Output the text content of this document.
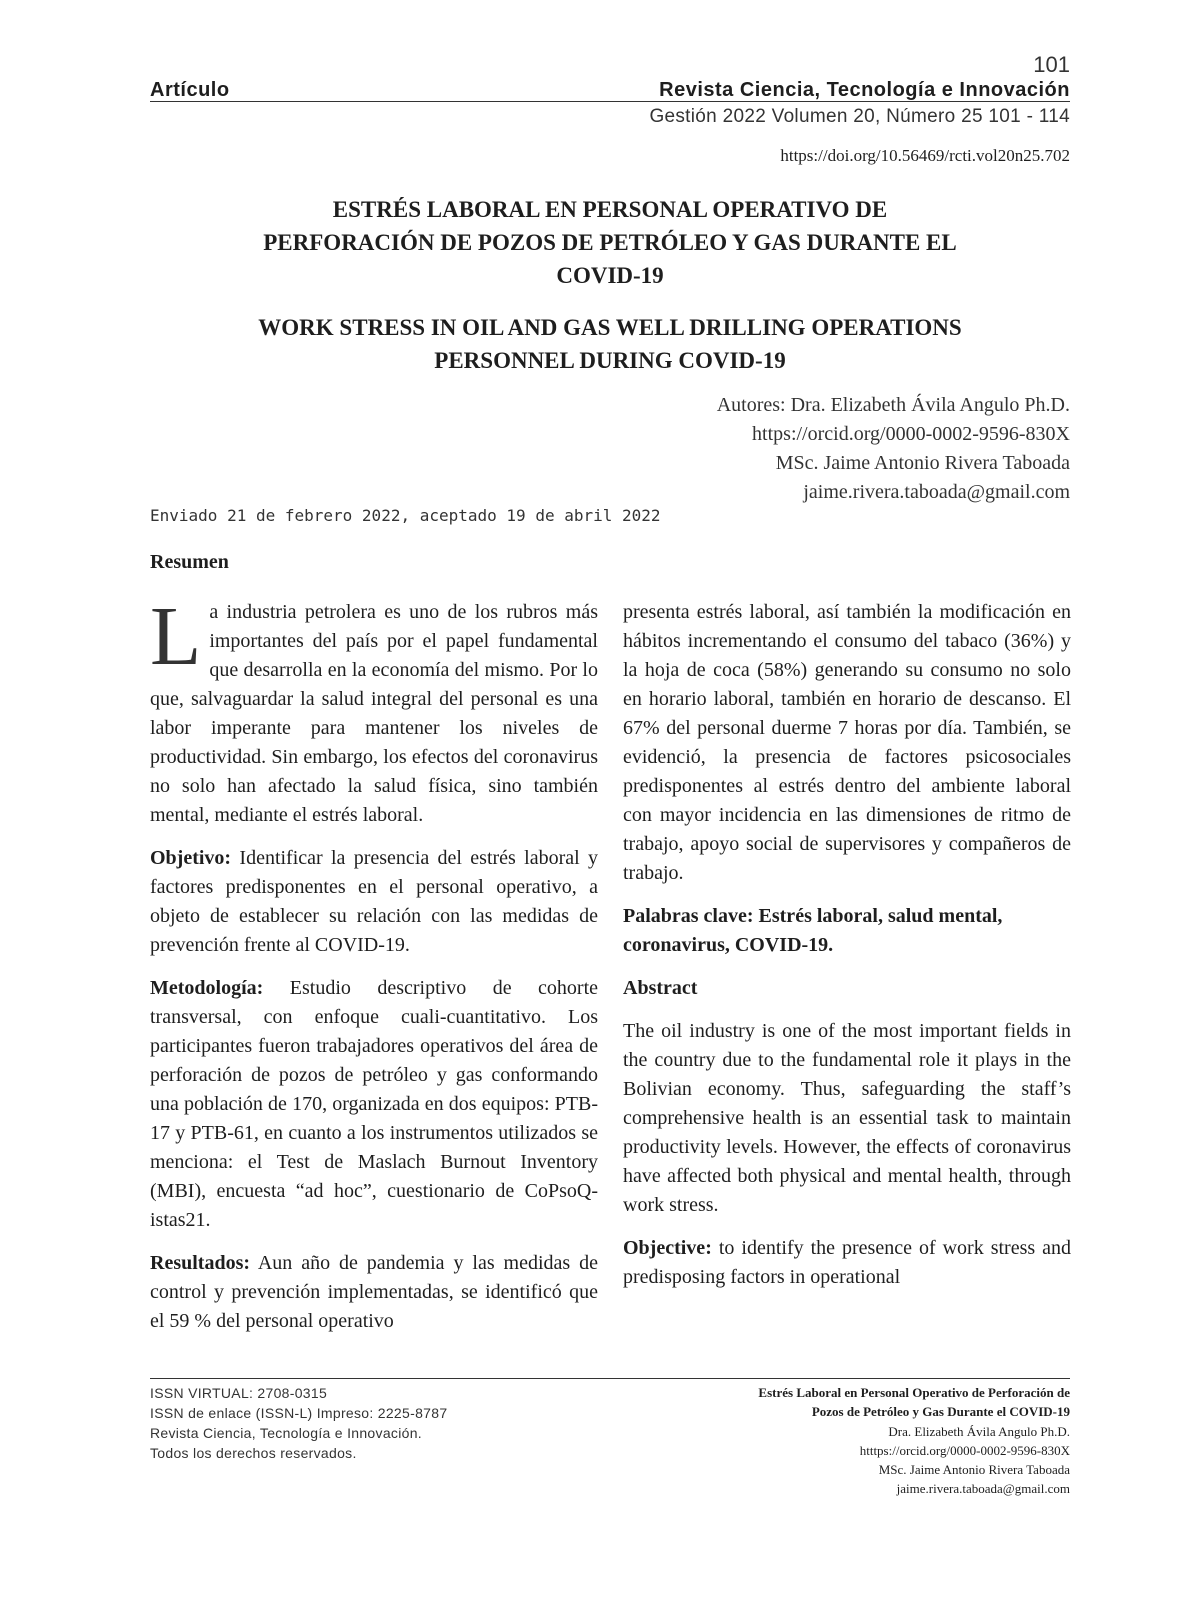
101
Artículo	Revista Ciencia, Tecnología e Innovación
Gestión 2022 Volumen 20, Número 25 101 - 114
https://doi.org/10.56469/rcti.vol20n25.702
ESTRÉS LABORAL EN PERSONAL OPERATIVO DE
PERFORACIÓN DE POZOS DE PETRÓLEO Y GAS DURANTE EL
COVID-19
WORK STRESS IN OIL AND GAS WELL DRILLING OPERATIONS
PERSONNEL DURING COVID-19
Autores: Dra. Elizabeth Ávila Angulo Ph.D.
https://orcid.org/0000-0002-9596-830X
MSc. Jaime Antonio Rivera Taboada
jaime.rivera.taboada@gmail.com
Enviado 21 de febrero 2022, aceptado 19 de abril 2022
Resumen

La industria petrolera es uno de los rubros más importantes del país por el papel fundamental que desarrolla en la economía del mismo. Por lo que, salvaguardar la salud integral del personal es una labor imperante para mantener los niveles de productividad. Sin embargo, los efectos del coronavirus no solo han afectado la salud física, sino también mental, mediante el estrés laboral.

Objetivo: Identificar la presencia del estrés laboral y factores predisponentes en el personal operativo, a objeto de establecer su relación con las medidas de prevención frente al COVID-19.

Metodología: Estudio descriptivo de cohorte transversal, con enfoque cuali-cuantitativo. Los participantes fueron trabajadores operativos del área de perforación de pozos de petróleo y gas conformando una población de 170, organizada en dos equipos: PTB-17 y PTB-61, en cuanto a los instrumentos utilizados se menciona: el Test de Maslach Burnout Inventory (MBI), encuesta “ad hoc”, cuestionario de CoPsoQ-istas21.

Resultados: Aun año de pandemia y las medidas de control y prevención implementadas, se identificó que el 59 % del personal operativo

presenta estrés laboral, así también la modificación en hábitos incrementando el consumo del tabaco (36%) y la hoja de coca (58%) generando su consumo no solo en horario laboral, también en horario de descanso. El 67% del personal duerme 7 horas por día. También, se evidenció, la presencia de factores psicosociales predisponentes al estrés dentro del ambiente laboral con mayor incidencia en las dimensiones de ritmo de trabajo, apoyo social de supervisores y compañeros de trabajo.

Palabras clave: Estrés laboral, salud mental, coronavirus, COVID-19.

Abstract

The oil industry is one of the most important fields in the country due to the fundamental role it plays in the Bolivian economy. Thus, safeguarding the staff’s comprehensive health is an essential task to maintain productivity levels. However, the effects of coronavirus have affected both physical and mental health, through work stress.

Objective: to identify the presence of work stress and predisposing factors in operational

ISSN VIRTUAL: 2708-0315
ISSN de enlace (ISSN-L) Impreso: 2225-8787
Revista Ciencia, Tecnología e Innovación.
Todos los derechos reservados.
Estrés Laboral en Personal Operativo de Perforación de
Pozos de Petróleo y Gas Durante el COVID-19
Dra. Elizabeth Ávila Angulo Ph.D.
htttps://orcid.org/0000-0002-9596-830X
MSc. Jaime Antonio Rivera Taboada
jaime.rivera.taboada@gmail.com
